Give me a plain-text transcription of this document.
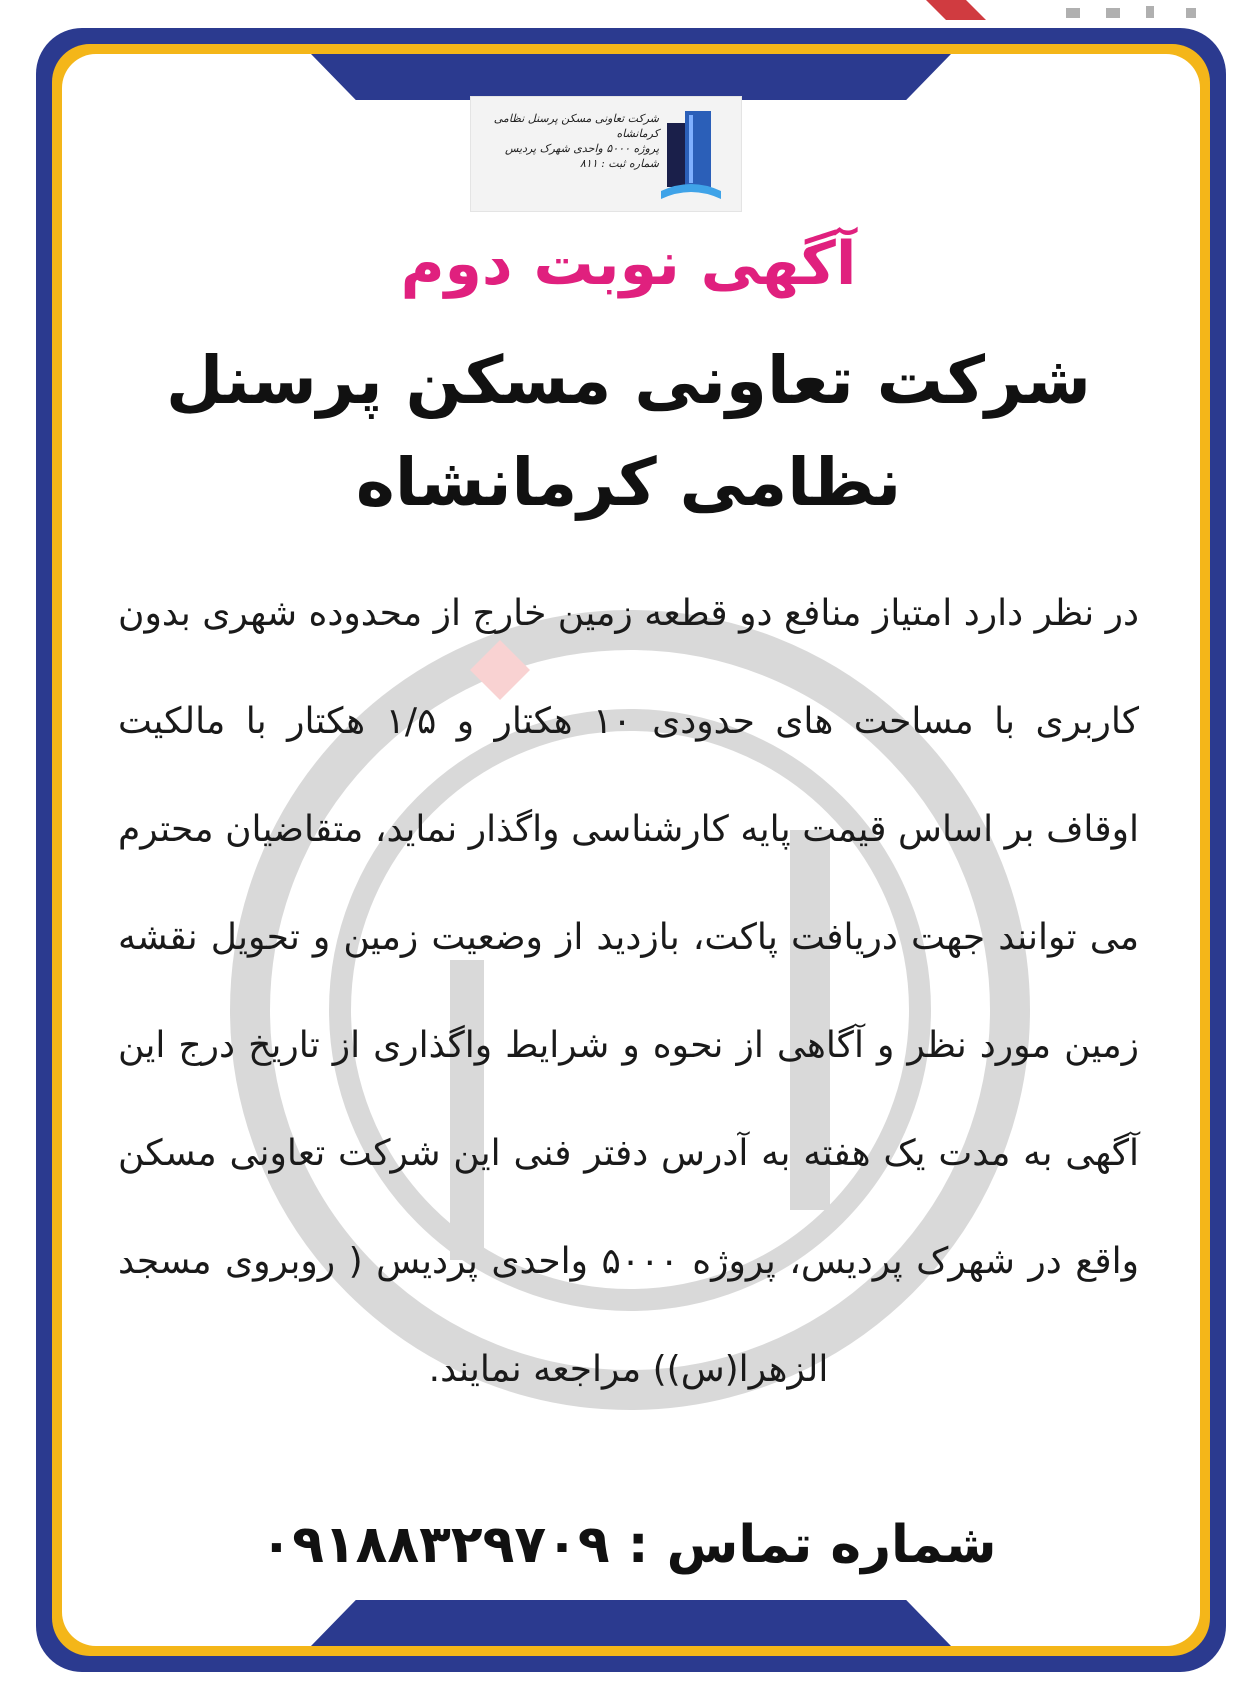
شرکت تعاونی مسکن پرسنل نظامی کرمانشاه
پروژه ۵۰۰۰ واحدی شهرک پردیس
شماره ثبت : ۸۱۱
آگهی نوبت دوم
شرکت تعاونی مسکن پرسنل نظامی کرمانشاه
در نظر دارد امتیاز منافع دو قطعه زمین خارج از محدوده شهری بدون کاربری با مساحت های حدودی ۱۰ هکتار و ۱/۵ هکتار با مالکیت اوقاف بر اساس قیمت پایه کارشناسی واگذار نماید، متقاضیان محترم می توانند جهت دریافت پاکت، بازدید از وضعیت زمین و تحویل نقشه زمین مورد نظر و آگاهی از نحوه و شرایط واگذاری از تاریخ درج این آگهی به مدت یک هفته به آدرس دفتر فنی این شرکت تعاونی مسکن واقع در شهرک پردیس، پروژه ۵۰۰۰ واحدی پردیس ( روبروی مسجد الزهرا(س)) مراجعه نمایند.
شماره تماس : ۰۹۱۸۸۳۲۹۷۰۹
